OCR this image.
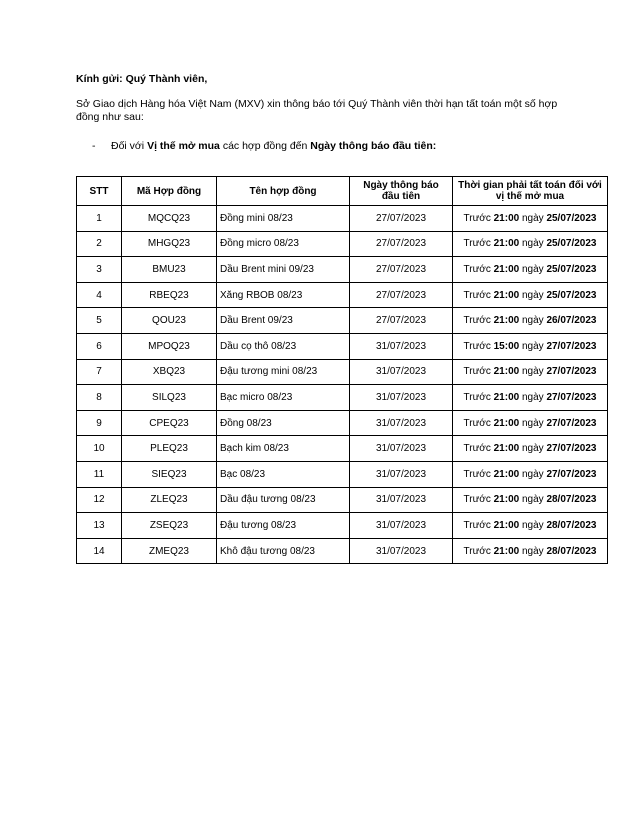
Kính gửi: Quý Thành viên,
Sở Giao dịch Hàng hóa Việt Nam (MXV) xin thông báo tới Quý Thành viên thời hạn tất toán một số hợp đồng như sau:
- Đối với Vị thế mở mua các hợp đồng đến Ngày thông báo đầu tiên:
STT	Mã Hợp đồng	Tên hợp đồng	Ngày thông báo đầu tiên	Thời gian phải tất toán đối với vị thế mở mua
1	MQCQ23	Đồng mini 08/23	27/07/2023	Trước 21:00 ngày 25/07/2023
2	MHGQ23	Đồng micro 08/23	27/07/2023	Trước 21:00 ngày 25/07/2023
3	BMU23	Dầu Brent mini 09/23	27/07/2023	Trước 21:00 ngày 25/07/2023
4	RBEQ23	Xăng RBOB 08/23	27/07/2023	Trước 21:00 ngày 25/07/2023
5	QOU23	Dầu Brent 09/23	27/07/2023	Trước 21:00 ngày 26/07/2023
6	MPOQ23	Dầu cọ thô 08/23	31/07/2023	Trước 15:00 ngày 27/07/2023
7	XBQ23	Đậu tương mini 08/23	31/07/2023	Trước 21:00 ngày 27/07/2023
8	SILQ23	Bạc micro 08/23	31/07/2023	Trước 21:00 ngày 27/07/2023
9	CPEQ23	Đồng 08/23	31/07/2023	Trước 21:00 ngày 27/07/2023
10	PLEQ23	Bạch kim 08/23	31/07/2023	Trước 21:00 ngày 27/07/2023
11	SIEQ23	Bạc 08/23	31/07/2023	Trước 21:00 ngày 27/07/2023
12	ZLEQ23	Dầu đậu tương 08/23	31/07/2023	Trước 21:00 ngày 28/07/2023
13	ZSEQ23	Đậu tương 08/23	31/07/2023	Trước 21:00 ngày 28/07/2023
14	ZMEQ23	Khô đậu tương 08/23	31/07/2023	Trước 21:00 ngày 28/07/2023
